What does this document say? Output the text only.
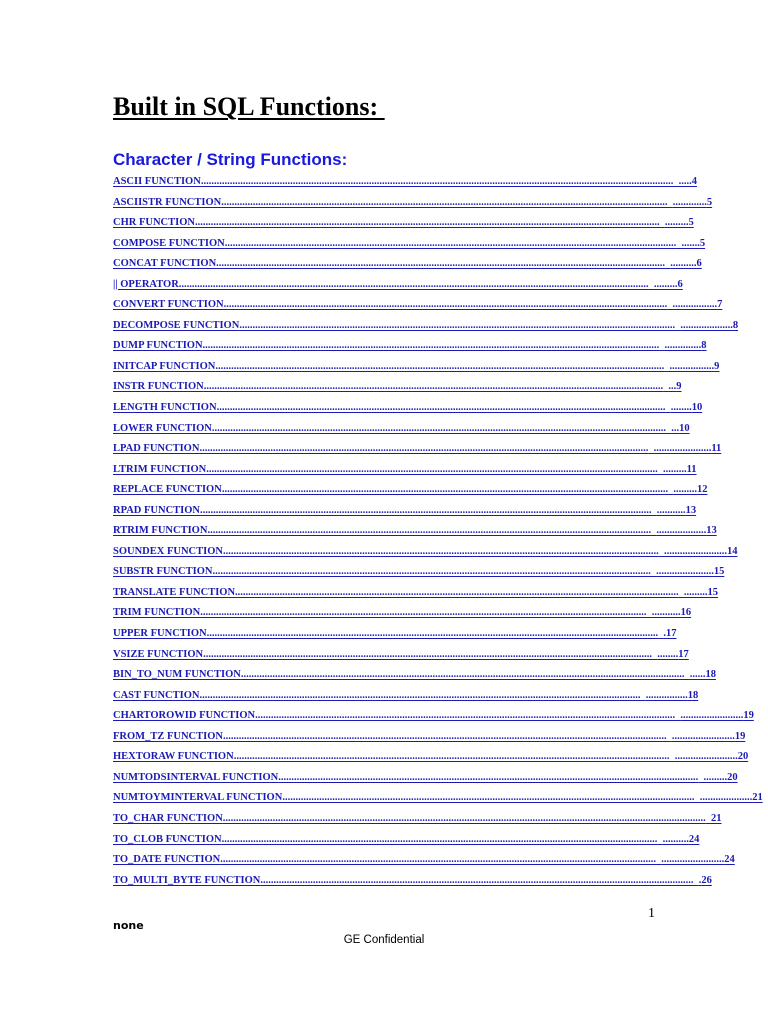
Built in SQL Functions:
Character / String Functions:
ASCII FUNCTION .................................................................................................................................................................................... .....4
ASCIISTR FUNCTION .......................................................................................................................................................................... .............5
CHR FUNCTION ................................................................................................................................................................................. .........5
COMPOSE FUNCTION ............................................................................................................................................................................ .......5
CONCAT FUNCTION ........................................................................................................................................................................... ..........6
|| OPERATOR ................................................................................................................................................................................... .........6
CONVERT FUNCTION ......................................................................................................................................................................... .................7
DECOMPOSE FUNCTION ...................................................................................................................................................................... ....................8
DUMP FUNCTION .............................................................................................................................................................................. ..............8
INITCAP FUNCTION ........................................................................................................................................................................... .................9
INSTR FUNCTION ............................................................................................................................................................................... ...9
LENGTH FUNCTION ........................................................................................................................................................................... ........10
LOWER FUNCTION ............................................................................................................................................................................. ...10
LPAD FUNCTION ........................................................................................................................................................................... ......................11
LTRIM FUNCTION ............................................................................................................................................................................ .........11
REPLACE FUNCTION .......................................................................................................................................................................... .........12
RPAD FUNCTION ............................................................................................................................................................................ ...........13
RTRIM FUNCTION ......................................................................................................................................................................... ...................13
SOUNDEX FUNCTION ...................................................................................................................................................................... ........................14
SUBSTR FUNCTION ....................................................................................................................................................................... ......................15
TRANSLATE FUNCTION ......................................................................................................................................................................... .........15
TRIM FUNCTION .......................................................................................................................................................................... ...........16
UPPER FUNCTION ............................................................................................................................................................................ .17
VSIZE FUNCTION ........................................................................................................................................................................... ........17
BIN_TO_NUM FUNCTION ......................................................................................................................................................................... ......18
CAST FUNCTION ........................................................................................................................................................................ ................18
CHARTOROWID FUNCTION ................................................................................................................................................................ ........................19
FROM_TZ FUNCTION ......................................................................................................................................................................... ........................19
HEXTORAW FUNCTION ...................................................................................................................................................................... ........................20
NUMTODSINTERVAL FUNCTION ................................................................................................................................................................ .........20
NUMTOYMINTERVAL FUNCTION ............................................................................................................................................................. ....................21
TO_CHAR FUNCTION ........................................................................................................................................................................................ 21
TO_CLOB FUNCTION ...................................................................................................................................................................... ..........24
TO_DATE FUNCTION ...................................................................................................................................................................... ........................24
TO_MULTI_BYTE FUNCTION ..................................................................................................................................................................... .26
1
none
GE Confidential
